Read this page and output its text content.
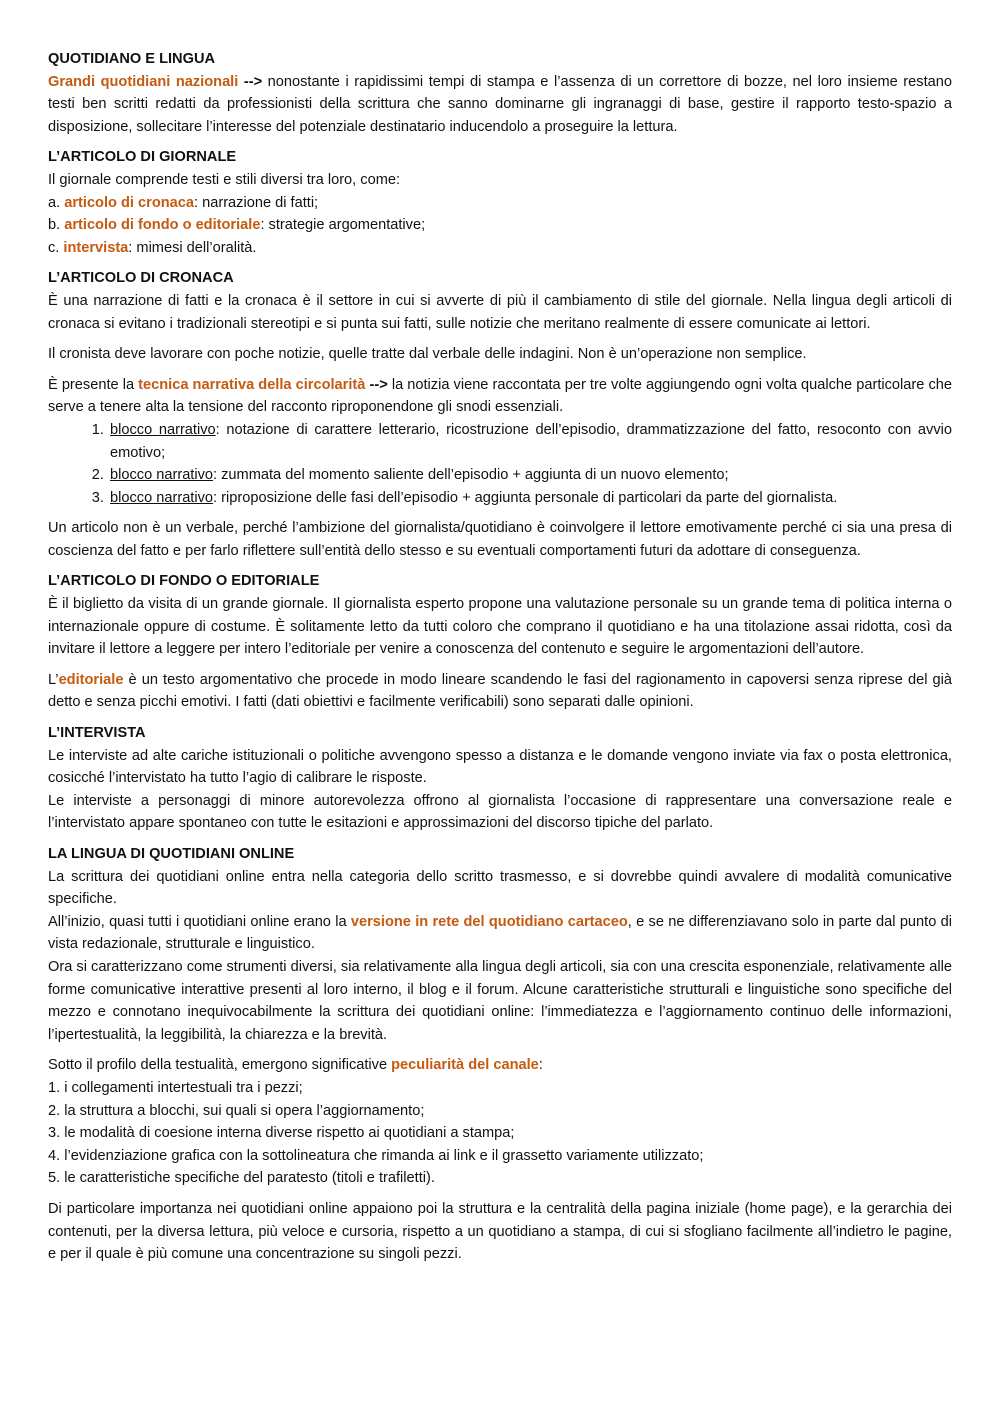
QUOTIDIANO E LINGUA

Grandi quotidiani nazionali --> nonostante i rapidissimi tempi di stampa e l’assenza di un correttore di bozze, nel loro insieme restano testi ben scritti redatti da professionisti della scrittura che sanno dominarne gli ingranaggi di base, gestire il rapporto testo-spazio a disposizione, sollecitare l’interesse del potenziale destinatario inducendolo a proseguire la lettura.

L’ARTICOLO DI GIORNALE

Il giornale comprende testi e stili diversi tra loro, come:

a. articolo di cronaca: narrazione di fatti;

b. articolo di fondo o editoriale: strategie argomentative;

c. intervista: mimesi dell’oralità.

L’ARTICOLO DI CRONACA

È una narrazione di fatti e la cronaca è il settore in cui si avverte di più il cambiamento di stile del giornale. Nella lingua degli articoli di cronaca si evitano i tradizionali stereotipi e si punta sui fatti, sulle notizie che meritano realmente di essere comunicate ai lettori.

Il cronista deve lavorare con poche notizie, quelle tratte dal verbale delle indagini. Non è un’operazione non semplice.

È presente la tecnica narrativa della circolarità --> la notizia viene raccontata per tre volte aggiungendo ogni volta qualche particolare che serve a tenere alta la tensione del racconto riproponendone gli snodi essenziali.

1. blocco narrativo: notazione di carattere letterario, ricostruzione dell’episodio, drammatizzazione del fatto, resoconto con avvio emotivo;
2. blocco narrativo: zummata del momento saliente dell’episodio + aggiunta di un nuovo elemento;
3. blocco narrativo: riproposizione delle fasi dell’episodio + aggiunta personale di particolari da parte del giornalista.

Un articolo non è un verbale, perché l’ambizione del giornalista/quotidiano è coinvolgere il lettore emotivamente perché ci sia una presa di coscienza del fatto e per farlo riflettere sull’entità dello stesso e su eventuali comportamenti futuri da adottare di conseguenza.

L’ARTICOLO DI FONDO O EDITORIALE

È il biglietto da visita di un grande giornale. Il giornalista esperto propone una valutazione personale su un grande tema di politica interna o internazionale oppure di costume. È solitamente letto da tutti coloro che comprano il quotidiano e ha una titolazione assai ridotta, così da invitare il lettore a leggere per intero l’editoriale per venire a conoscenza del contenuto e seguire le argomentazioni dell’autore.

L’editoriale è un testo argomentativo che procede in modo lineare scandendo le fasi del ragionamento in capoversi senza riprese del già detto e senza picchi emotivi. I fatti (dati obiettivi e facilmente verificabili) sono separati dalle opinioni.

L’INTERVISTA

Le interviste ad alte cariche istituzionali o politiche avvengono spesso a distanza e le domande vengono inviate via fax o posta elettronica, cosicché l’intervistato ha tutto l’agio di calibrare le risposte.

Le interviste a personaggi di minore autorevolezza offrono al giornalista l’occasione di rappresentare una conversazione reale e l’intervistato appare spontaneo con tutte le esitazioni e approssimazioni del discorso tipiche del parlato.

LA LINGUA DI QUOTIDIANI ONLINE

La scrittura dei quotidiani online entra nella categoria dello scritto trasmesso, e si dovrebbe quindi avvalere di modalità comunicative specifiche.

All’inizio, quasi tutti i quotidiani online erano la versione in rete del quotidiano cartaceo, e se ne differenziavano solo in parte dal punto di vista redazionale, strutturale e linguistico.

Ora si caratterizzano come strumenti diversi, sia relativamente alla lingua degli articoli, sia con una crescita esponenziale, relativamente alle forme comunicative interattive presenti al loro interno, il blog e il forum. Alcune caratteristiche strutturali e linguistiche sono specifiche del mezzo e connotano inequivocabilmente la scrittura dei quotidiani online: l’immediatezza e l’aggiornamento continuo delle informazioni, l’ipertestualità, la leggibilità, la chiarezza e la brevità.

Sotto il profilo della testualità, emergono significative peculiarità del canale:

1. i collegamenti intertestuali tra i pezzi;

2. la struttura a blocchi, sui quali si opera l’aggiornamento;

3. le modalità di coesione interna diverse rispetto ai quotidiani a stampa;

4. l’evidenziazione grafica con la sottolineatura che rimanda ai link e il grassetto variamente utilizzato;

5. le caratteristiche specifiche del paratesto (titoli e trafiletti).

Di particolare importanza nei quotidiani online appaiono poi la struttura e la centralità della pagina iniziale (home page), e la gerarchia dei contenuti, per la diversa lettura, più veloce e cursoria, rispetto a un quotidiano a stampa, di cui si sfogliano facilmente all’indietro le pagine, e per il quale è più comune una concentrazione su singoli pezzi.
